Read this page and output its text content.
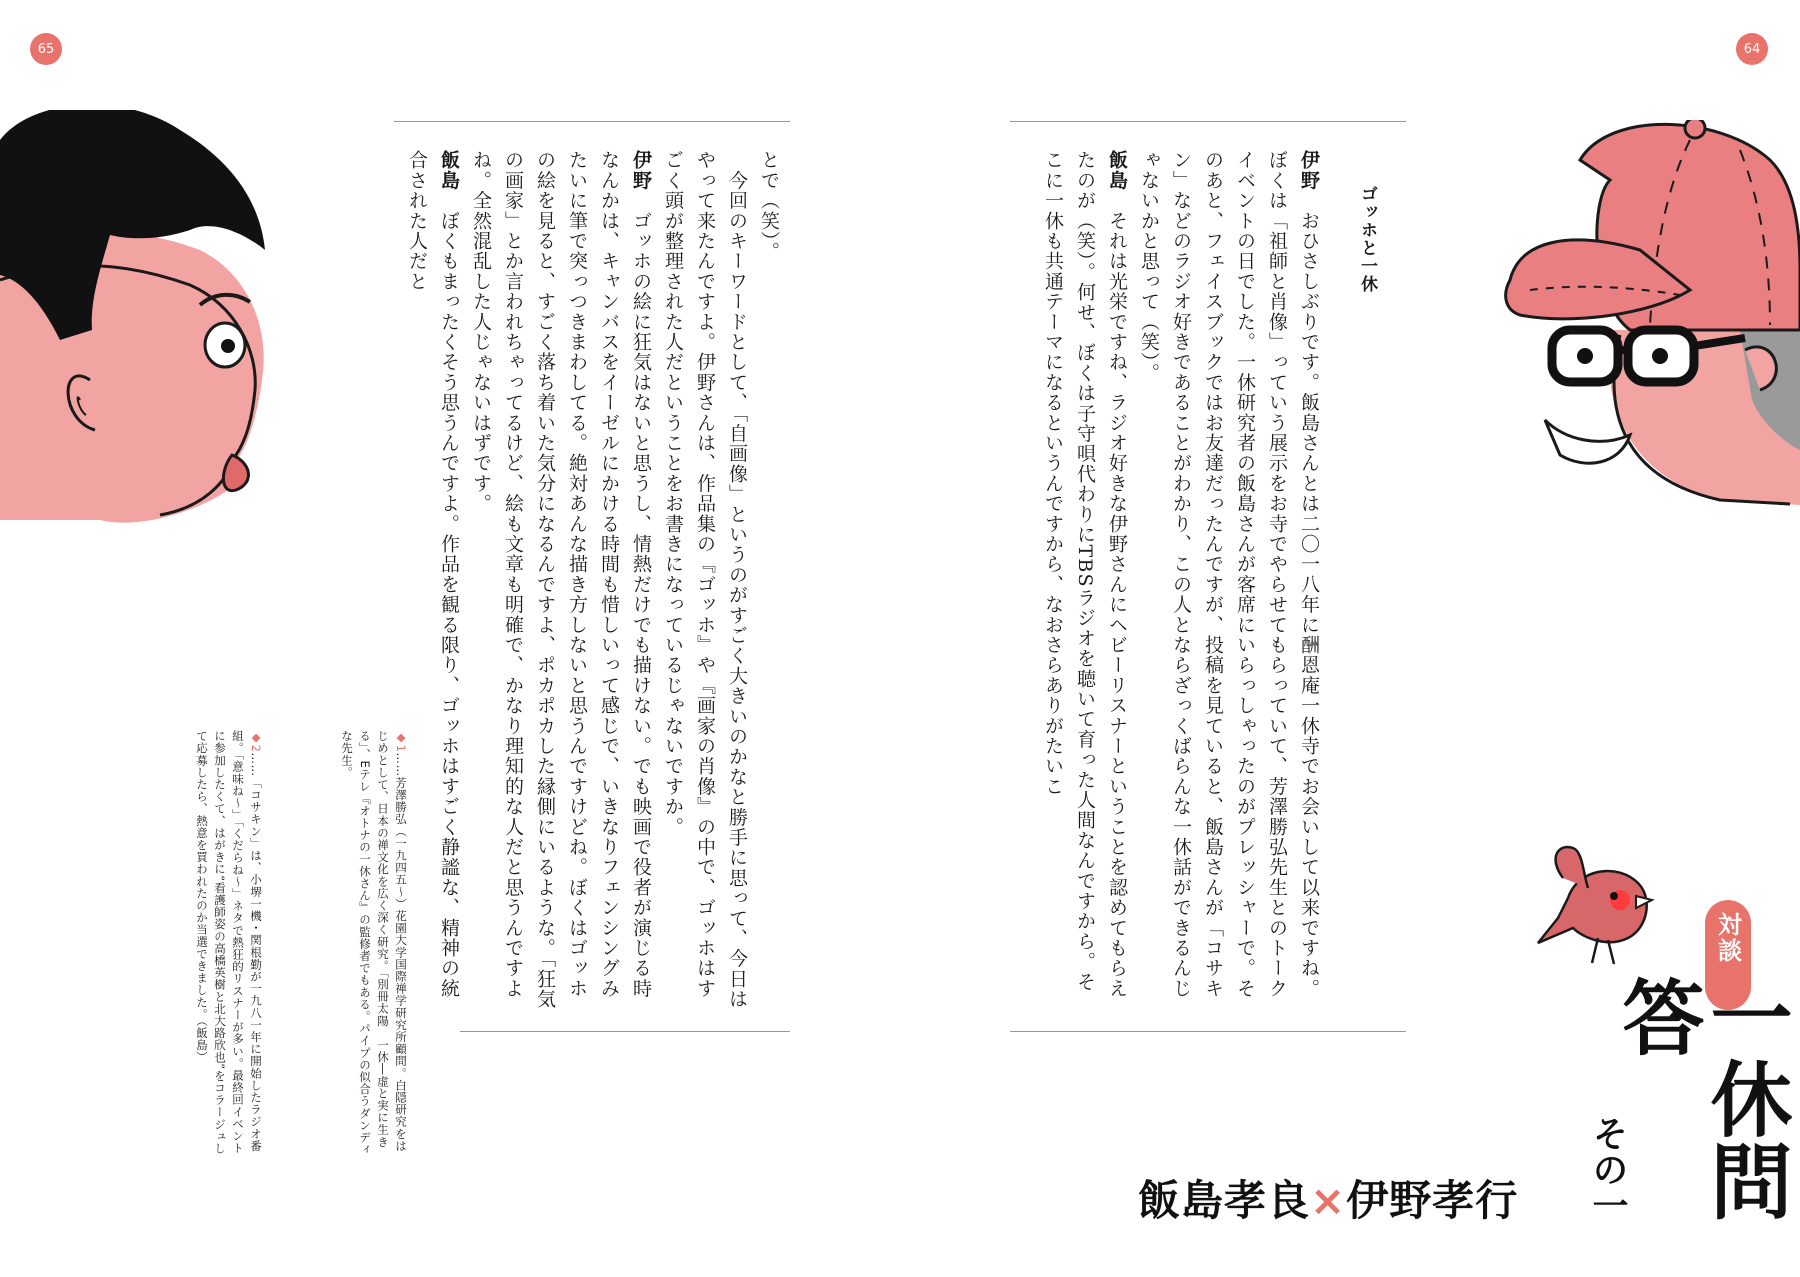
65	64
対談
一休問答
その一
飯島孝良×伊野孝行
ゴッホと一休
伊野　おひさしぶりです。飯島さんとは二〇一八年に酬恩庵一休寺でお会いして以来ですね。ぼくは「祖師と肖像」っていう展示をお寺でやらせてもらっていて、芳澤勝弘先生とのトークイベントの日でした。一休研究者の飯島さんが客席にいらっしゃったのがプレッシャーで。そのあと、フェイスブックではお友達だったんですが、投稿を見ていると、飯島さんが「コサキン」などのラジオ好きであることがわかり、この人とならざっくばらんな一休話ができるんじゃないかと思って（笑）。
飯島　それは光栄ですね、ラジオ好きな伊野さんにヘビーリスナーということを認めてもらえたのが（笑）。何せ、ぼくは子守唄代わりにTBSラジオを聴いて育った人間なんですから。そこに一休も共通テーマになるというんですから、なおさらありがたいこ
とで（笑）。
　今回のキーワードとして、「自画像」というのがすごく大きいのかなと勝手に思って、今日はやって来たんですよ。伊野さんは、作品集の『ゴッホ』や『画家の肖像』の中で、ゴッホはすごく頭が整理された人だということをお書きになっているじゃないですか。
伊野　ゴッホの絵に狂気はないと思うし、情熱だけでも描けない。でも映画で役者が演じる時なんかは、キャンバスをイーゼルにかける時間も惜しいって感じで、いきなりフェンシングみたいに筆で突っつきまわしてる。絶対あんな描き方しないと思うんですけどね。ぼくはゴッホの絵を見ると、すごく落ち着いた気分になるんですよ、ポカポカした縁側にいるような。「狂気の画家」とか言われちゃってるけど、絵も文章も明確で、かなり理知的な人だと思うんですよね。全然混乱した人じゃないはずです。
飯島　ぼくもまったくそう思うんですよ。作品を観る限り、ゴッホはすごく静謐な、精神の統合された人だと
◆1……芳澤勝弘（一九四五〜）花園大学国際禅学研究所顧問。白隠研究をはじめとして、日本の禅文化を広く深く研究。「別冊太陽　一休―虚と実に生きる」、Eテレ『オトナの一休さん』の監修者でもある。パイプの似合うダンディな先生。
◆2……「コサキン」は、小堺一機・関根勤が一九八一年に開始したラジオ番組。「意味ね〜」「くだらね〜」ネタで熱狂的リスナーが多い。最終回イベントに参加したくて、はがきに“看護師姿の高橋英樹と北大路欣也”をコラージュして応募したら、熱意を買われたのか当選できました。（飯島）
